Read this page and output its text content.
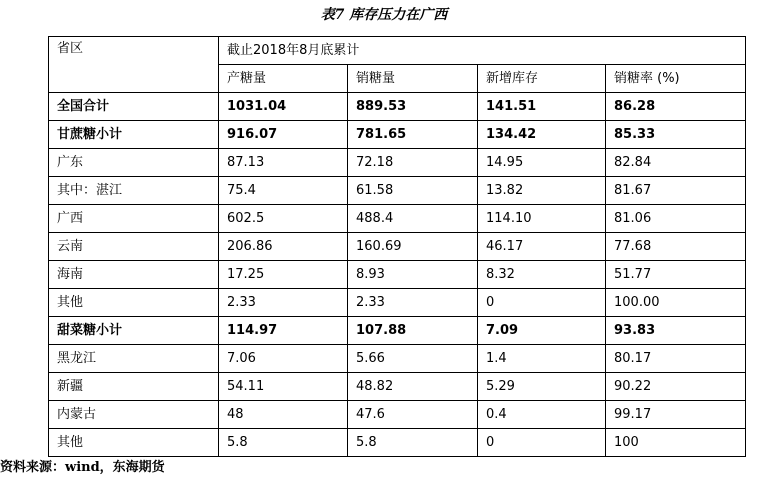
表7 库存压力在广西
省区	截止2018年8月底累计			
	产糖量	销糖量	新增库存	销糖率 (%)
全国合计	1031.04	889.53	141.51	86.28
甘蔗糖小计	916.07	781.65	134.42	85.33
广东	87.13	72.18	14.95	82.84
其中：湛江	75.4	61.58	13.82	81.67
广西	602.5	488.4	114.10	81.06
云南	206.86	160.69	46.17	77.68
海南	17.25	8.93	8.32	51.77
其他	2.33	2.33	0	100.00
甜菜糖小计	114.97	107.88	7.09	93.83
黑龙江	7.06	5.66	1.4	80.17
新疆	54.11	48.82	5.29	90.22
内蒙古	48	47.6	0.4	99.17
其他	5.8	5.8	0	100
资料来源：wind，东海期货
